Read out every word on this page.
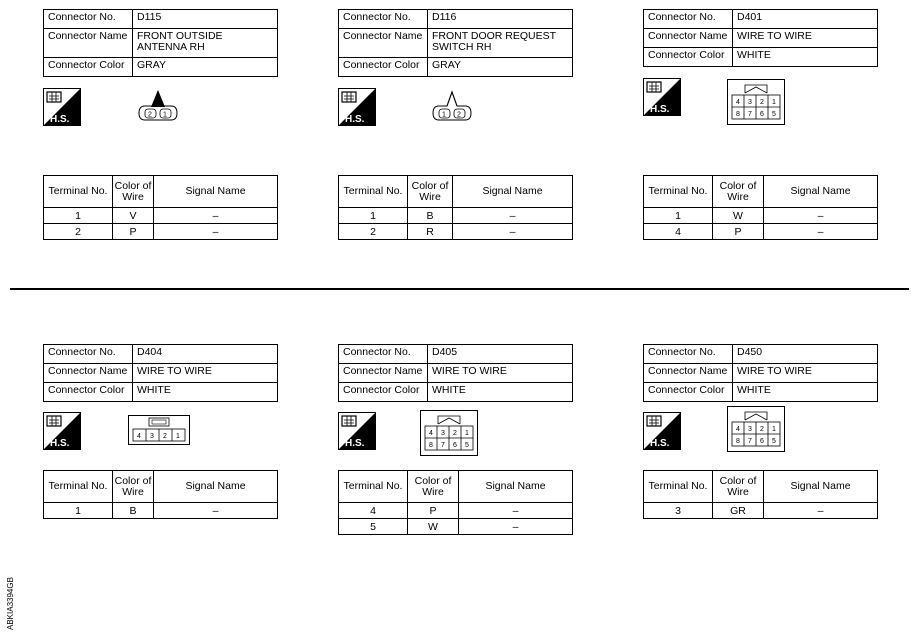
Connector No.	D115
Connector Name	FRONT OUTSIDE ANTENNA RH
Connector Color	GRAY
H.S.	2 1
Terminal No.	Color of Wire	Signal Name
1	V	–
2	P	–
Connector No.	D116
Connector Name	FRONT DOOR REQUEST SWITCH RH
Connector Color	GRAY
H.S.	1 2
Terminal No.	Color of Wire	Signal Name
1	B	–
2	R	–
Connector No.	D401
Connector Name	WIRE TO WIRE
Connector Color	WHITE
H.S.
4 3 2 1
8 7 6 5
Terminal No.	Color of Wire	Signal Name
1	W	–
4	P	–
Connector No.	D404
Connector Name	WIRE TO WIRE
Connector Color	WHITE
H.S.
4 3 2 1
Terminal No.	Color of Wire	Signal Name
1	B	–
Connector No.	D405
Connector Name	WIRE TO WIRE
Connector Color	WHITE
H.S.
4 3 2 1
8 7 6 5
Terminal No.	Color of Wire	Signal Name
4	P	–
5	W	–
Connector No.	D450
Connector Name	WIRE TO WIRE
Connector Color	WHITE
H.S.
4 3 2 1
8 7 6 5
Terminal No.	Color of Wire	Signal Name
3	GR	–
ABKIA3394GB
